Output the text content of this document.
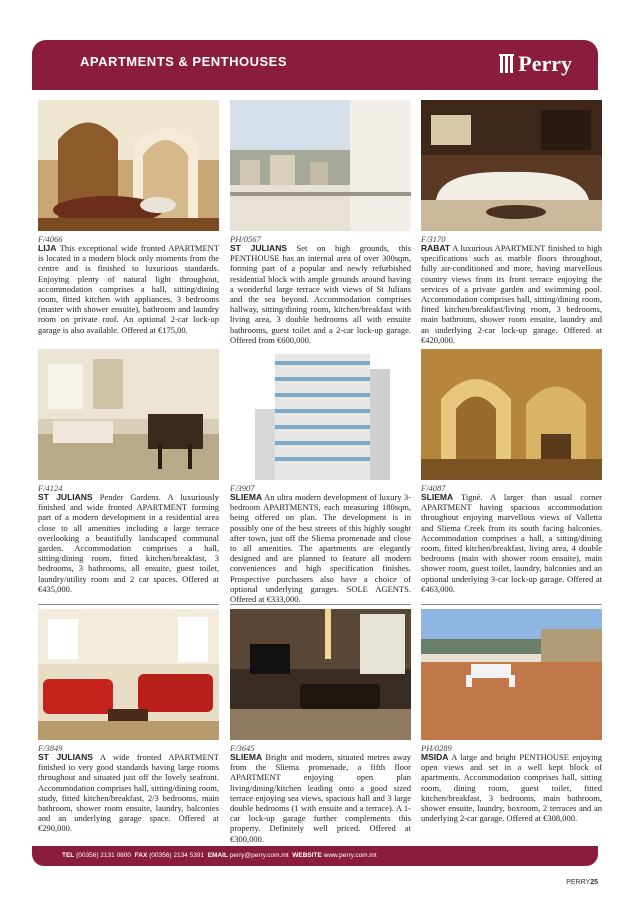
APARTMENTS & PENTHOUSES	Perry
F/4066

LIJA This exceptional wide fronted APARTMENT is located in a modern block only moments from the centre and is finished to luxurious standards. Enjoying plenty of natural light throughout, accommodation comprises a hall, sitting/dining room, fitted kitchen with appliances, 3 bedrooms (master with shower ensuite), bathroom and laundry room on private roof. An optional 2-car lock-up garage is also available. Offered at €175,00.

PH/0567

ST JULIANS Set on high grounds, this PENTHOUSE has an internal area of over 300sqm, forming part of a popular and newly refurbished residential block with ample grounds around having a wonderful large terrace with views of St Julians and the sea beyond. Accommodation comprises hallway, sitting/dining room, kitchen/breakfast with living area, 3 double bedrooms all with ensuite bathrooms, guest toilet and a 2-car lock-up garage. Offered from €600,000.

F/3170

RABAT A luxurious APARTMENT finished to high specifications such as marble floors throughout, fully air-conditioned and more, having marvellous country views from its front terrace enjoying the services of a private garden and swimming pool. Accommodation comprises hall, sitting/dining room, fitted kitchen/breakfast/living room, 3 bedrooms, main bathroom, shower room ensuite, laundry and an underlying 2-car lock-up garage. Offered at €420,000.

F/4124

ST JULIANS Pender Gardens. A luxuriously finished and wide fronted APARTMENT forming part of a modern development in a residential area close to all amenities including a large terrace overlooking a beautifully landscaped communal garden. Accommodation comprises a hall, sitting/dining room, fitted kitchen/breakfast, 3 bedrooms, 3 bathrooms, all ensuite, guest toilet, laundry/utility room and 2 car spaces. Offered at €435,000.

F/3907

SLIEMA An ultra modern development of luxury 3-bedroom APARTMENTS, each measuring 180sqm, being offered on plan. The development is in possibly one of the best streets of this highly sought after town, just off the Sliema promenade and close to all amenities. The apartments are elegantly designed and are planned to feature all modern conveniences and high specification finishes. Prospective purchasers also have a choice of optional underlying garages. SOLE AGENTS. Offered at €333,000.

F/4087

SLIEMA Tignè. A larger than usual corner APARTMENT having spacious accommodation throughout enjoying marvellous views of Valletta and Sliema Creek from its south facing balconies. Accommodation comprises a hall, a sitting/dining room, fitted kitchen/breakfast, living area, 4 double bedrooms (main with shower room ensuite), main shower room, guest toilet, laundry, balconies and an optional underlying 3-car lock-up garage. Offered at €463,000.

F/3849

ST JULIANS A wide fronted APARTMENT finished to very good standards having large rooms throughout and situated just off the lovely seafront. Accommodation comprises hall, sitting/dining room, study, fitted kitchen/breakfast, 2/3 bedrooms, main bathroom, shower room ensuite, laundry, balconies and an underlying garage space. Offered at €290,000.

F/3645

SLIEMA Bright and modern, situated metres away from the Sliema promenade, a fifth floor APARTMENT enjoying open plan living/dining/kitchen leading onto a good sized terrace enjoying sea views, spacious hall and 3 large double bedrooms (1 with ensuite and a terrace). A 1-car lock-up garage further complements this property. Definitely well priced. Offered at €300,000.

PH/0289

MSIDA A large and bright PENTHOUSE enjoying open views and set in a well kept block of apartments. Accommodation comprises hall, sitting room, dining room, guest toilet, fitted kitchen/breakfast, 3 bedrooms, main bathroom, shower ensuite, laundry, boxroom, 2 terraces and an underlying 2-car garage. Offered at €308,000.

TEL (00356) 2131 0800 FAX (00356) 2134 5391 EMAIL perry@perry.com.mt WEBSITE www.perry.com.mt
PERRY25
